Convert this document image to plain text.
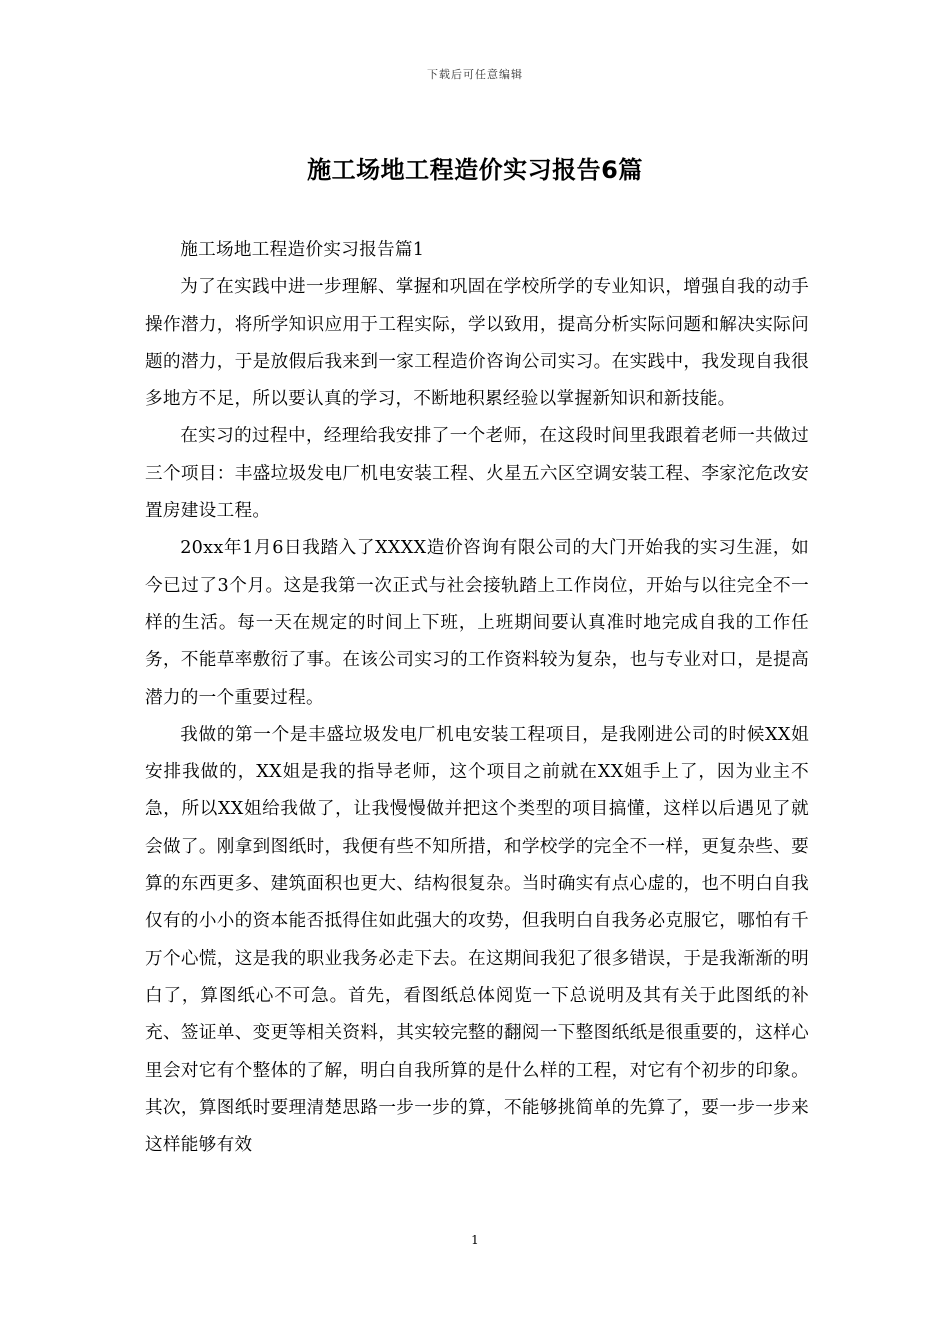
下载后可任意编辑
施工场地工程造价实习报告6篇

施工场地工程造价实习报告篇1

为了在实践中进一步理解、掌握和巩固在学校所学的专业知识，增强自我的动手操作潜力，将所学知识应用于工程实际，学以致用，提高分析实际问题和解决实际问题的潜力，于是放假后我来到一家工程造价咨询公司实习。在实践中，我发现自我很多地方不足，所以要认真的学习，不断地积累经验以掌握新知识和新技能。

在实习的过程中，经理给我安排了一个老师，在这段时间里我跟着老师一共做过三个项目：丰盛垃圾发电厂机电安装工程、火星五六区空调安装工程、李家沱危改安置房建设工程。

20xx年1月6日我踏入了XXXX造价咨询有限公司的大门开始我的实习生涯，如今已过了3个月。这是我第一次正式与社会接轨踏上工作岗位，开始与以往完全不一样的生活。每一天在规定的时间上下班，上班期间要认真准时地完成自我的工作任务，不能草率敷衍了事。在该公司实习的工作资料较为复杂，也与专业对口，是提高潜力的一个重要过程。

我做的第一个是丰盛垃圾发电厂机电安装工程项目，是我刚进公司的时候XX姐安排我做的，XX姐是我的指导老师，这个项目之前就在XX姐手上了，因为业主不急，所以XX姐给我做了，让我慢慢做并把这个类型的项目搞懂，这样以后遇见了就会做了。刚拿到图纸时，我便有些不知所措，和学校学的完全不一样，更复杂些、要算的东西更多、建筑面积也更大、结构很复杂。当时确实有点心虚的，也不明白自我仅有的小小的资本能否抵得住如此强大的攻势，但我明白自我务必克服它，哪怕有千万个心慌，这是我的职业我务必走下去。在这期间我犯了很多错误，于是我渐渐的明白了，算图纸心不可急。首先，看图纸总体阅览一下总说明及其有关于此图纸的补充、签证单、变更等相关资料，其实较完整的翻阅一下整图纸纸是很重要的，这样心里会对它有个整体的了解，明白自我所算的是什么样的工程，对它有个初步的印象。其次，算图纸时要理清楚思路一步一步的算，不能够挑简单的先算了，要一步一步来这样能够有效

1
